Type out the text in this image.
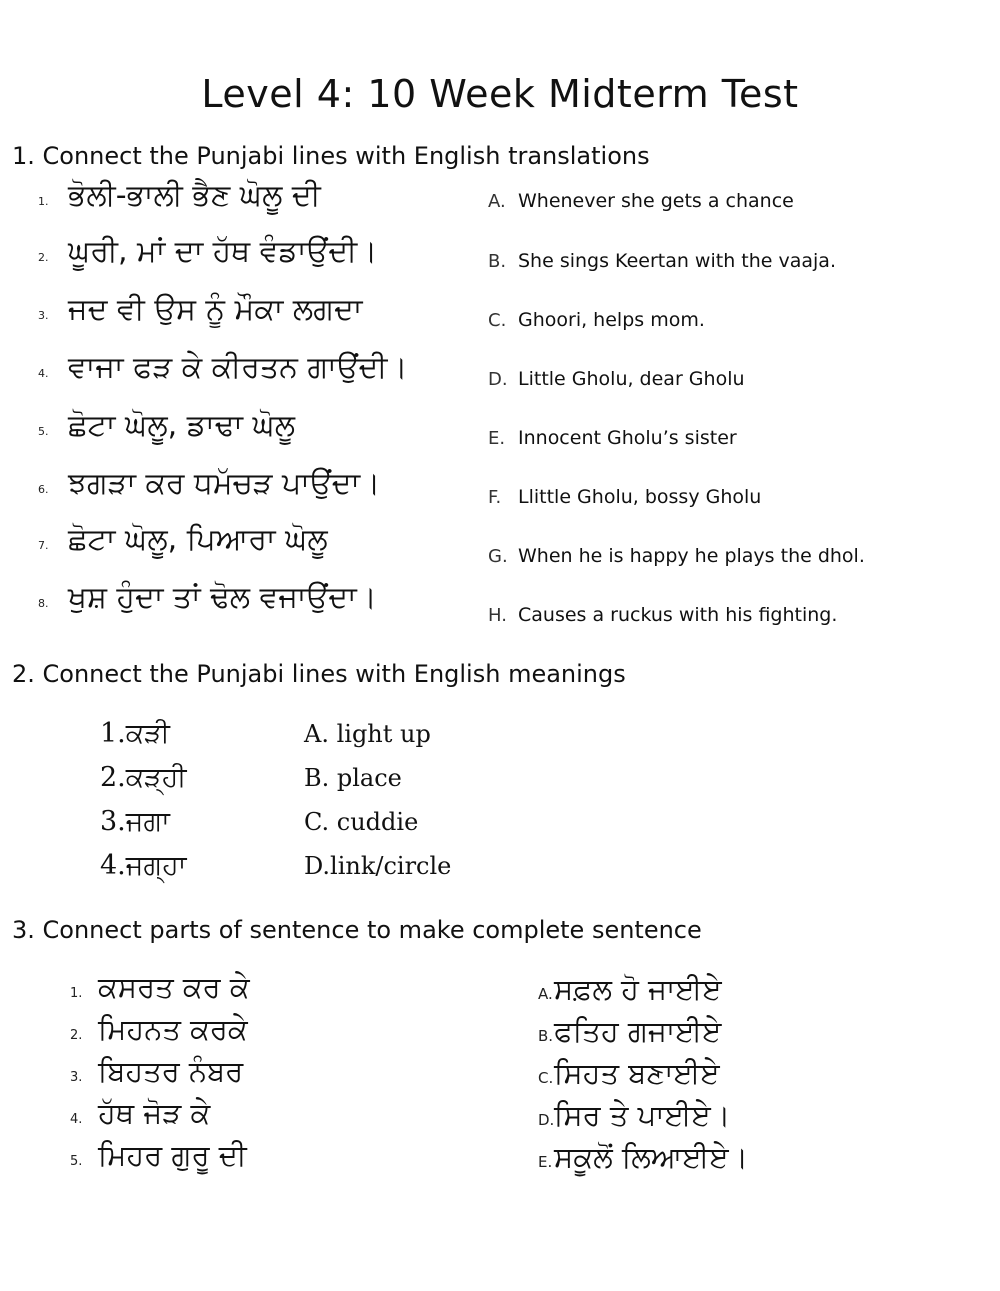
Level 4: 10 Week Midterm Test
1. Connect the Punjabi lines with English translations
1. ਭੋਲੀ-ਭਾਲੀ ਭੈਣ ਘੋਲੂ ਦੀ
2. ਘੂਰੀ, ਮਾਂ ਦਾ ਹੱਥ ਵੰਡਾਉਂਦੀ।
3. ਜਦ ਵੀ ਉਸ ਨੂੰ ਮੌਕਾ ਲਗਦਾ
4. ਵਾਜਾ ਫੜ ਕੇ ਕੀਰਤਨ ਗਾਉਂਦੀ।
5. ਛੋਟਾ ਘੋਲੂ, ਡਾਢਾ ਘੋਲੂ
6. ਝਗੜਾ ਕਰ ਧਮੱਚੜ ਪਾਉਂਦਾ।
7. ਛੋਟਾ ਘੋਲੂ, ਪਿਆਰਾ ਘੋਲੂ
8. ਖੁਸ਼ ਹੁੰਦਾ ਤਾਂ ਢੋਲ ਵਜਾਉਂਦਾ।
A. Whenever she gets a chance
B. She sings Keertan with the vaaja.
C. Ghoori, helps mom.
D. Little Gholu, dear Gholu
E. Innocent Gholu’s sister
F. Llittle Gholu, bossy Gholu
G. When he is happy he plays the dhol.
H. Causes a ruckus with his fighting.
2. Connect the Punjabi lines with English meanings
1.ਕੜੀ
2.ਕੜ੍ਹੀ
3.ਜਗਾ
4.ਜਗ੍ਹਾ
A. light up
B. place
C. cuddie
D.link/circle
3. Connect parts of sentence to make complete sentence
1. ਕਸਰਤ ਕਰ ਕੇ
2. ਮਿਹਨਤ ਕਰਕੇ
3. ਬਿਹਤਰ ਨੰਬਰ
4. ਹੱਥ ਜੋੜ ਕੇ
5. ਮਿਹਰ ਗੁਰੂ ਦੀ
A.ਸਫ਼ਲ ਹੋ ਜਾਈਏ
B.ਫਤਿਹ ਗਜਾਈਏ
C.ਸਿਹਤ ਬਣਾਈਏ
D.ਸਿਰ ਤੇ ਪਾਈਏ।
E.ਸਕੂਲੋਂ ਲਿਆਈਏ।
